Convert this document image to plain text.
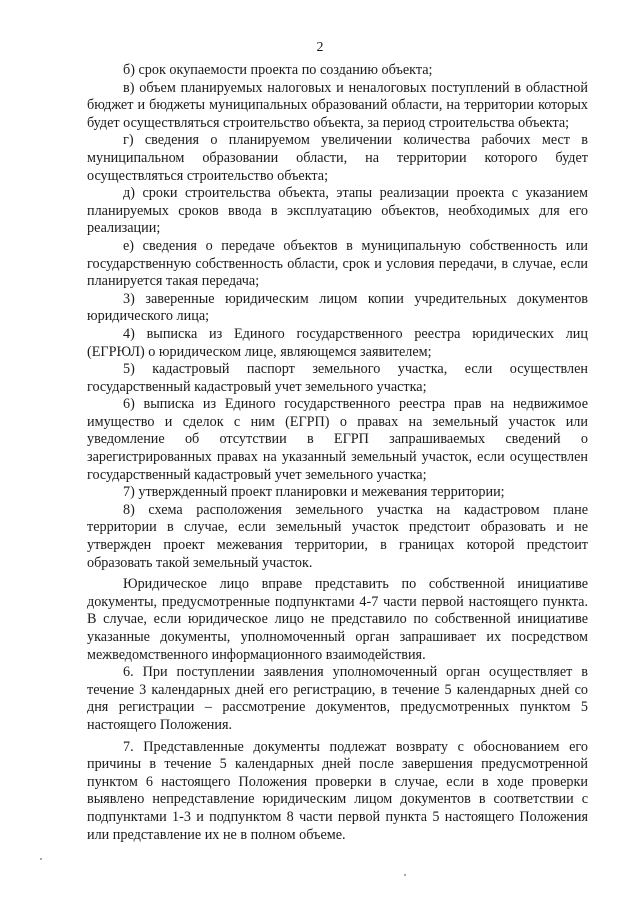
2

б) срок окупаемости проекта по созданию объекта;

в) объем планируемых налоговых и неналоговых поступлений в областной бюджет и бюджеты муниципальных образований области, на территории которых будет осуществляться строительство объекта, за период строительства объекта;

г) сведения о планируемом увеличении количества рабочих мест в муниципальном образовании области, на территории которого будет осуществляться строительство объекта;

д) сроки строительства объекта, этапы реализации проекта с указанием планируемых сроков ввода в эксплуатацию объектов, необходимых для его реализации;

е) сведения о передаче объектов в муниципальную собственность или государственную собственность области, срок и условия передачи, в случае, если планируется такая передача;

3) заверенные юридическим лицом копии учредительных документов юридического лица;

4) выписка из Единого государственного реестра юридических лиц (ЕГРЮЛ) о юридическом лице, являющемся заявителем;

5) кадастровый паспорт земельного участка, если осуществлен государственный кадастровый учет земельного участка;

6) выписка из Единого государственного реестра прав на недвижимое имущество и сделок с ним (ЕГРП) о правах на земельный участок или уведомление об отсутствии в ЕГРП запрашиваемых сведений о зарегистрированных правах на указанный земельный участок, если осуществлен государственный кадастровый учет земельного участка;

7) утвержденный проект планировки и межевания территории;

8) схема расположения земельного участка на кадастровом плане территории в случае, если земельный участок предстоит образовать и не утвержден проект межевания территории, в границах которой предстоит образовать такой земельный участок.

Юридическое лицо вправе представить по собственной инициативе документы, предусмотренные подпунктами 4-7 части первой настоящего пункта. В случае, если юридическое лицо не представило по собственной инициативе указанные документы, уполномоченный орган запрашивает их посредством межведомственного информационного взаимодействия.

6. При поступлении заявления уполномоченный орган осуществляет в течение 3 календарных дней его регистрацию, в течение 5 календарных дней со дня регистрации – рассмотрение документов, предусмотренных пунктом 5 настоящего Положения.

7. Представленные документы подлежат возврату с обоснованием его причины в течение 5 календарных дней после завершения предусмотренной пунктом 6 настоящего Положения проверки в случае, если в ходе проверки выявлено непредставление юридическим лицом документов в соответствии с подпунктами 1-3 и подпунктом 8 части первой пункта 5 настоящего Положения или представление их не в полном объеме.
